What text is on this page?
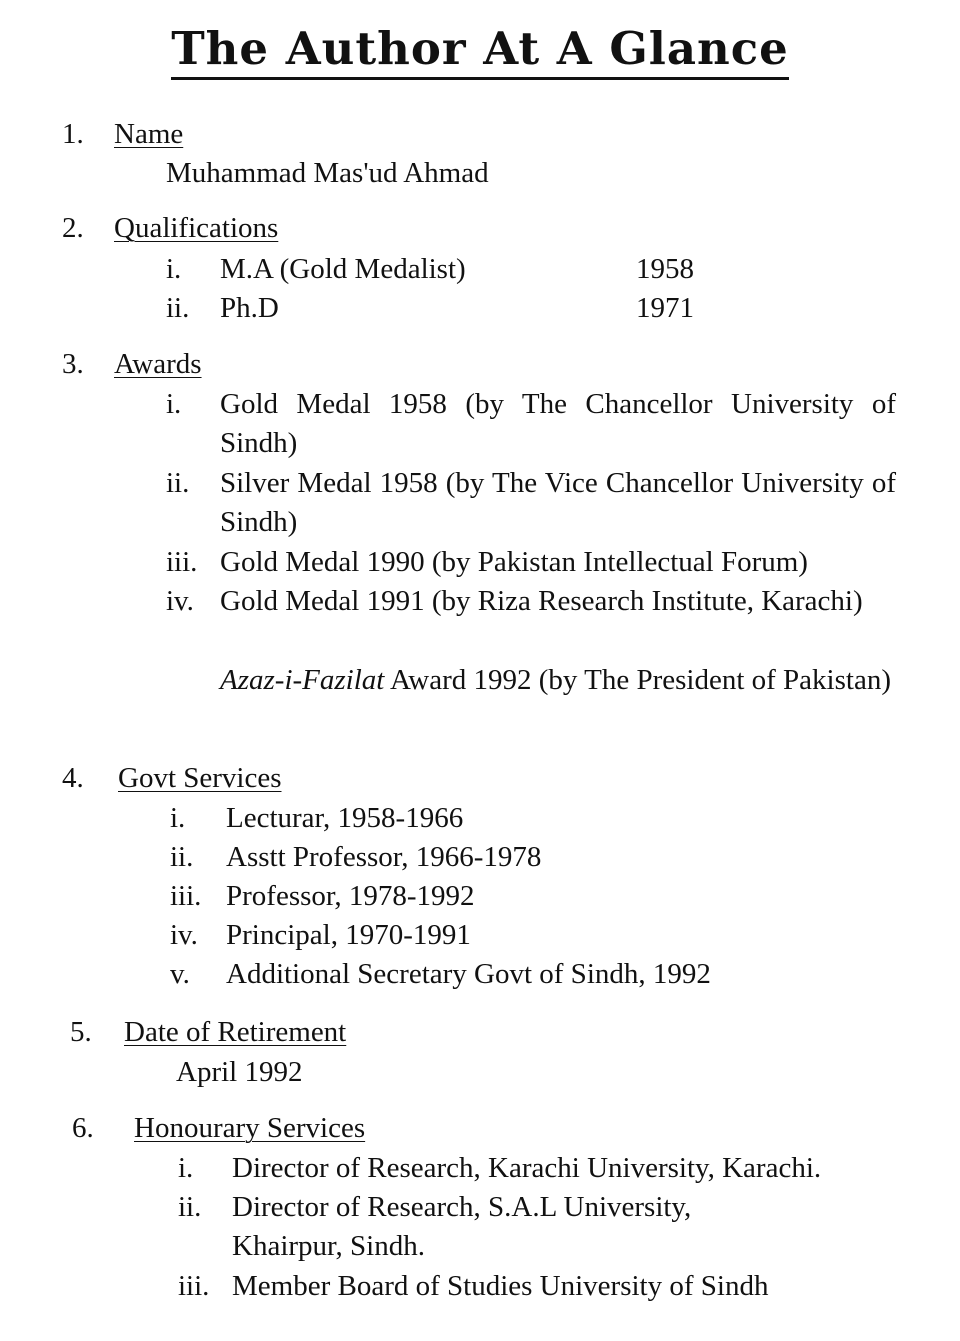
The Author At A Glance
1. Name
Muhammad Mas'ud Ahmad
2. Qualifications
i. M.A (Gold Medalist)	1958
ii. Ph.D	1971
3. Awards
i. Gold Medal 1958 (by The Chancellor University of Sindh)
ii. Silver Medal 1958 (by The Vice Chancellor University of Sindh)
iii. Gold Medal 1990 (by Pakistan Intellectual Forum)
iv. Gold Medal 1991 (by Riza Research Institute, Karachi)
Azaz-i-Fazilat Award 1992 (by The President of Pakistan)
4. Govt Services
i. Lecturar, 1958-1966
ii. Asstt Professor, 1966-1978
iii. Professor, 1978-1992
iv. Principal, 1970-1991
v. Additional Secretary Govt of Sindh, 1992
5. Date of Retirement
April 1992
6. Honourary Services
i. Director of Research, Karachi University, Karachi.
ii. Director of Research, S.A.L University, Khairpur, Sindh.
iii. Member Board of Studies University of Sindh
